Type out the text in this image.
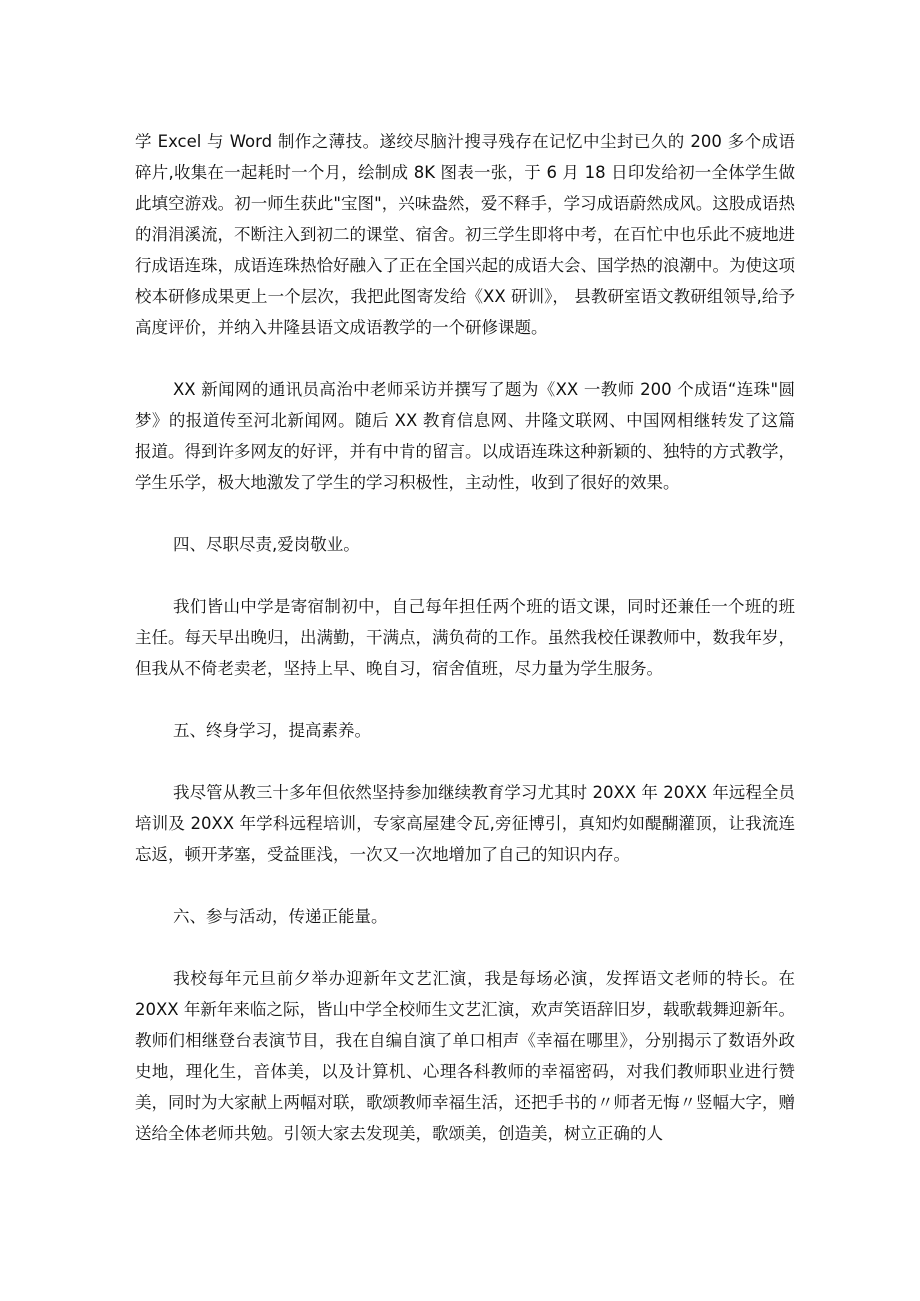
学 Excel 与 Word 制作之薄技。遂绞尽脑汁搜寻残存在记忆中尘封已久的 200 多个成语碎片,收集在一起耗时一个月，绘制成 8K 图表一张，于 6 月 18 日印发给初一全体学生做此填空游戏。初一师生获此"宝图"，兴味盎然，爱不释手，学习成语蔚然成风。这股成语热的涓涓溪流，不断注入到初二的课堂、宿舍。初三学生即将中考，在百忙中也乐此不疲地进行成语连珠，成语连珠热恰好融入了正在全国兴起的成语大会、国学热的浪潮中。为使这项校本研修成果更上一个层次，我把此图寄发给《XX 研训》， 县教研室语文教研组领导,给予高度评价，并纳入井隆县语文成语教学的一个研修课题。

XX 新闻网的通讯员高治中老师采访并撰写了题为《XX 一教师 200 个成语“连珠"圆梦》的报道传至河北新闻网。随后 XX 教育信息网、井隆文联网、中国网相继转发了这篇报道。得到许多网友的好评，并有中肯的留言。以成语连珠这种新颖的、独特的方式教学，学生乐学，极大地激发了学生的学习积极性，主动性，收到了很好的效果。

四、尽职尽责,爱岗敬业。

我们皆山中学是寄宿制初中，自己每年担任两个班的语文课，同时还兼任一个班的班主任。每天早出晚归，出满勤，干满点，满负荷的工作。虽然我校任课教师中，数我年岁，但我从不倚老卖老，坚持上早、晚自习，宿舍值班，尽力量为学生服务。

五、终身学习，提高素养。

我尽管从教三十多年但依然坚持参加继续教育学习尤其时 20XX 年 20XX 年远程全员培训及 20XX 年学科远程培训，专家高屋建令瓦,旁征博引，真知灼如醍醐灌顶，让我流连忘返，顿开茅塞，受益匪浅，一次又一次地增加了自己的知识内存。

六、参与活动，传递正能量。

我校每年元旦前夕举办迎新年文艺汇演，我是每场必演，发挥语文老师的特长。在 20XX 年新年来临之际，皆山中学全校师生文艺汇演，欢声笑语辞旧岁，载歌载舞迎新年。教师们相继登台表演节目，我在自编自演了单口相声《幸福在哪里》，分别揭示了数语外政史地，理化生，音体美，以及计算机、心理各科教师的幸福密码，对我们教师职业进行赞美，同时为大家献上两幅对联，歌颂教师幸福生活，还把手书的〃师者无悔〃竖幅大字，赠送给全体老师共勉。引领大家去发现美，歌颂美，创造美，树立正确的人
